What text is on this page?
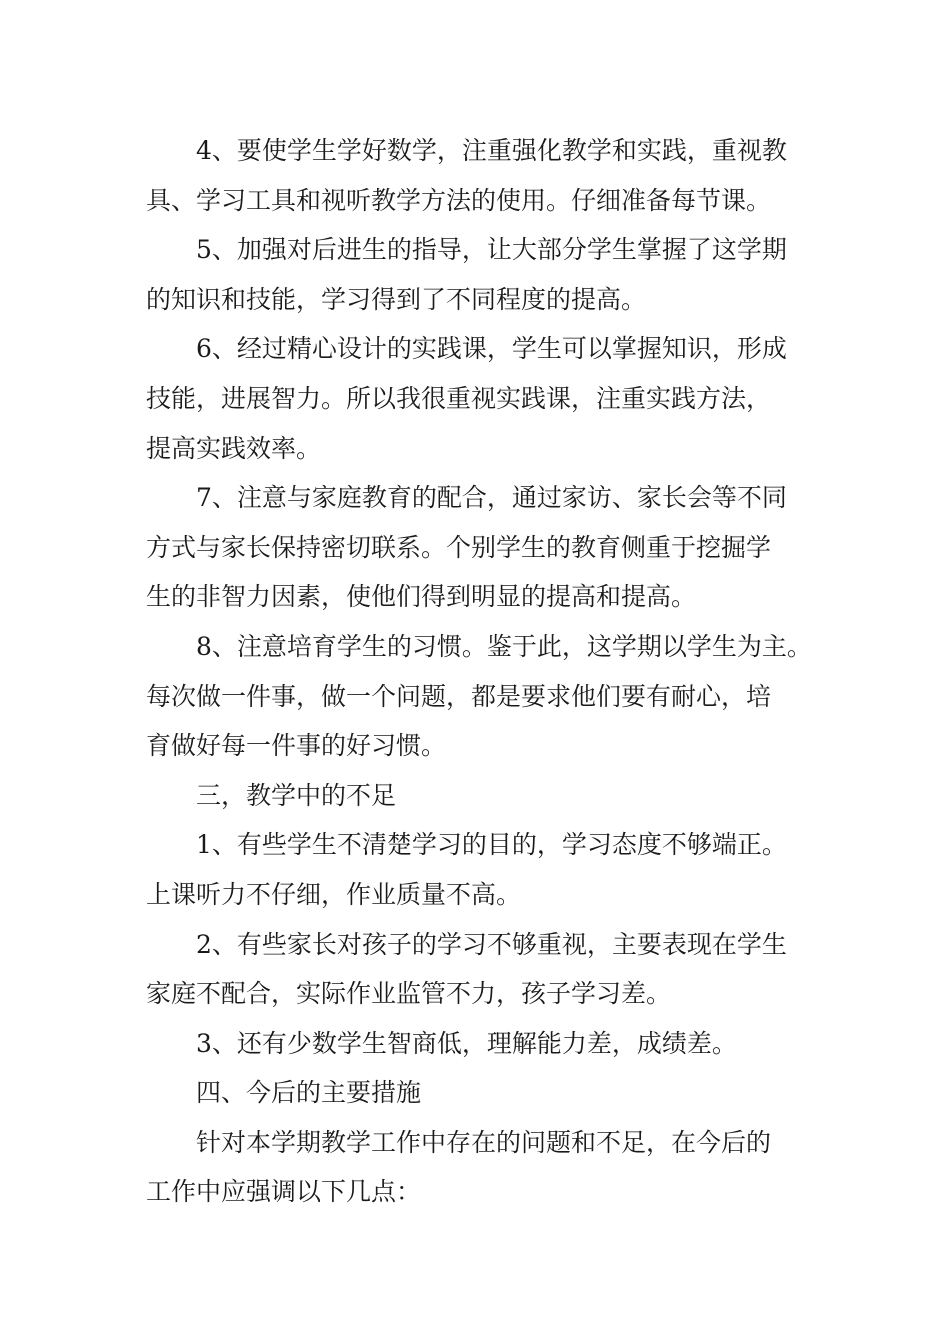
4、要使学生学好数学，注重强化教学和实践，重视教
具、学习工具和视听教学方法的使用。仔细准备每节课。
5、加强对后进生的指导，让大部分学生掌握了这学期
的知识和技能，学习得到了不同程度的提高。
6、经过精心设计的实践课，学生可以掌握知识，形成
技能，进展智力。所以我很重视实践课，注重实践方法，
提高实践效率。
7、注意与家庭教育的配合，通过家访、家长会等不同
方式与家长保持密切联系。个别学生的教育侧重于挖掘学
生的非智力因素，使他们得到明显的提高和提高。
8、注意培育学生的习惯。鉴于此，这学期以学生为主。
每次做一件事，做一个问题，都是要求他们要有耐心，培
育做好每一件事的好习惯。
三，教学中的不足
1、有些学生不清楚学习的目的，学习态度不够端正。
上课听力不仔细，作业质量不高。
2、有些家长对孩子的学习不够重视，主要表现在学生
家庭不配合，实际作业监管不力，孩子学习差。
3、还有少数学生智商低，理解能力差，成绩差。
四、今后的主要措施
针对本学期教学工作中存在的问题和不足，在今后的
工作中应强调以下几点：
